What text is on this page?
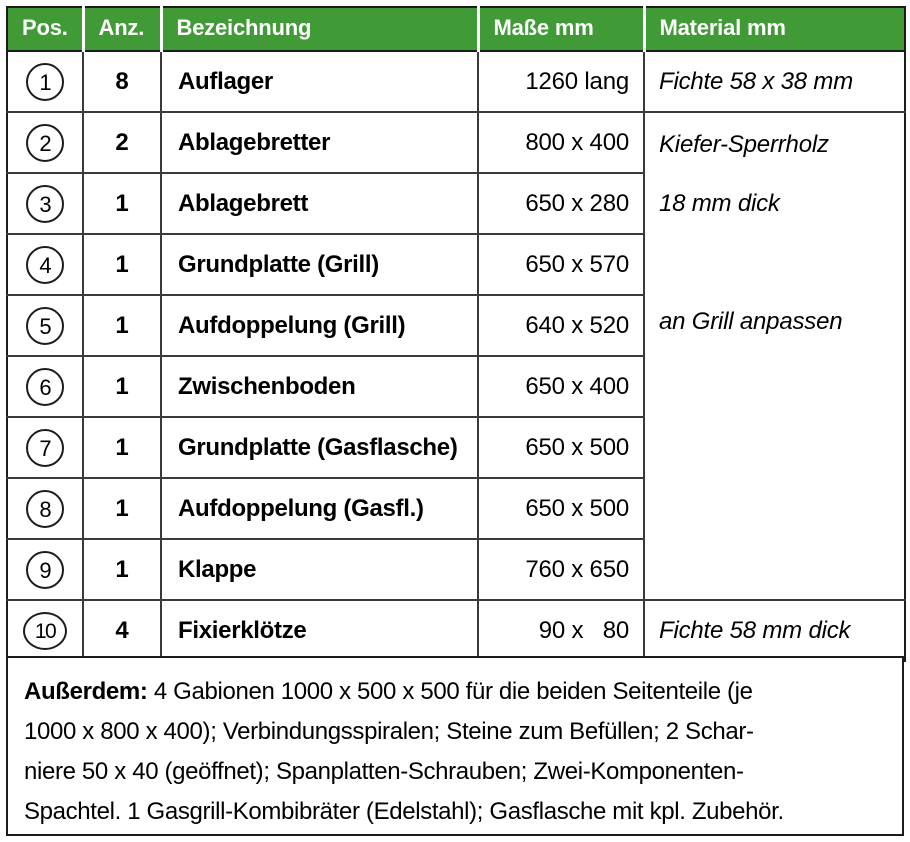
Pos.	Anz.	Bezeichnung	Maße mm	Material mm
1	8	Auflager	1260 lang	Fichte 58 x 38 mm
2	2	Ablagebretter	800 x 400	Kiefer-Sperrholz
18 mm dick
an Grill anpassen

3	1	Ablagebrett	650 x 280	
4	1	Grundplatte (Grill)	650 x 570	
5	1	Aufdoppelung (Grill)	640 x 520	
6	1	Zwischenboden	650 x 400	
7	1	Grundplatte (Gasflasche)	650 x 500	
8	1	Aufdoppelung (Gasfl.)	650 x 500	
9	1	Klappe	760 x 650	
10	4	Fixierklötze	90 x   80	Fichte 58 mm dick
Außerdem: 4 Gabionen 1000 x 500 x 500 für die beiden Seitenteile (je
1000 x 800 x 400); Verbindungsspiralen; Steine zum Befüllen; 2 Schar-
niere 50 x 40 (geöffnet); Spanplatten-Schrauben; Zwei-Komponenten-
Spachtel. 1 Gasgrill-Kombibräter (Edelstahl); Gasflasche mit kpl. Zubehör.
